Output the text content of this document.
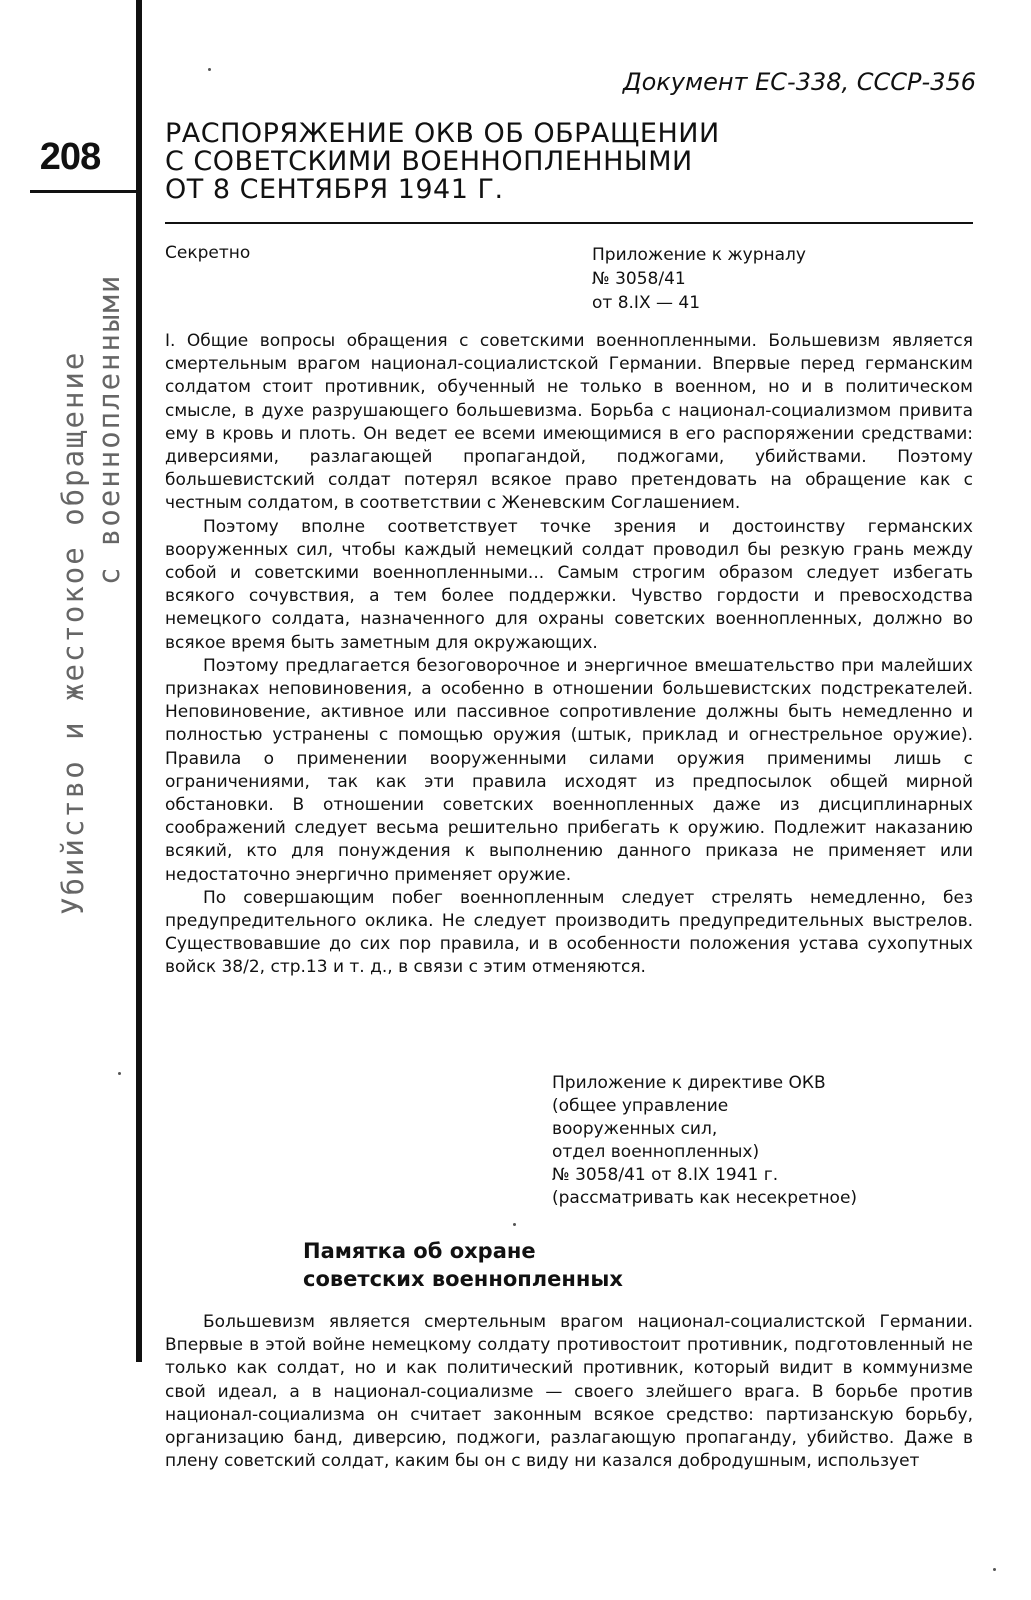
208
Убийство и жестокое обращение с военнопленными
Документ ЕС-338, СССР-356
РАСПОРЯЖЕНИЕ ОКВ ОБ ОБРАЩЕНИИ
С СОВЕТСКИМИ ВОЕННОПЛЕННЫМИ
ОТ 8 СЕНТЯБРЯ 1941 Г.
Секретно	Приложение к журналу
№ 3058/41
от 8.IX — 41

I. Общие вопросы обращения с советскими военнопленными. Большевизм является смертельным врагом национал-социалистской Германии. Впервые перед германским солдатом стоит противник, обученный не только в военном, но и в политическом смысле, в духе разрушающего большевизма. Борьба с национал-социализмом привита ему в кровь и плоть. Он ведет ее всеми имеющимися в его распоряжении средствами: диверсиями, разлагающей пропагандой, поджогами, убийствами. Поэтому большевистский солдат потерял всякое право претендовать на обращение как с честным солдатом, в соответствии с Женевским Соглашением.

Поэтому вполне соответствует точке зрения и достоинству германских вооруженных сил, чтобы каждый немецкий солдат проводил бы резкую грань между собой и советскими военнопленными... Самым строгим образом следует избегать всякого сочувствия, а тем более поддержки. Чувство гордости и превосходства немецкого солдата, назначенного для охраны советских военнопленных, должно во всякое время быть заметным для окружающих.

Поэтому предлагается безоговорочное и энергичное вмешательство при малейших признаках неповиновения, а особенно в отношении большевистских подстрекателей. Неповиновение, активное или пассивное сопротивление должны быть немедленно и полностью устранены с помощью оружия (штык, приклад и огнестрельное оружие). Правила о применении вооруженными силами оружия применимы лишь с ограничениями, так как эти правила исходят из предпосылок общей мирной обстановки. В отношении советских военнопленных даже из дисциплинарных соображений следует весьма решительно прибегать к оружию. Подлежит наказанию всякий, кто для понуждения к выполнению данного приказа не применяет или недостаточно энергично применяет оружие.

По совершающим побег военнопленным следует стрелять немедленно, без предупредительного оклика. Не следует производить предупредительных выстрелов. Существовавшие до сих пор правила, и в особенности положения устава сухопутных войск 38/2, стр.13 и т. д., в связи с этим отменяются.

Приложение к директиве ОКВ
(общее управление
вооруженных сил,
отдел военнопленных)
№ 3058/41 от 8.IX 1941 г.
(рассматривать как несекретное)
Памятка об охране
советских военнопленных
Большевизм является смертельным врагом национал-социалистской Германии. Впервые в этой войне немецкому солдату противостоит противник, подготовленный не только как солдат, но и как политический противник, который видит в коммунизме свой идеал, а в национал-социализме — своего злейшего врага. В борьбе против национал-социализма он считает законным всякое средство: партизанскую борьбу, организацию банд, диверсию, поджоги, разлагающую пропаганду, убийство. Даже в плену советский солдат, каким бы он с виду ни казался добродушным, использует
